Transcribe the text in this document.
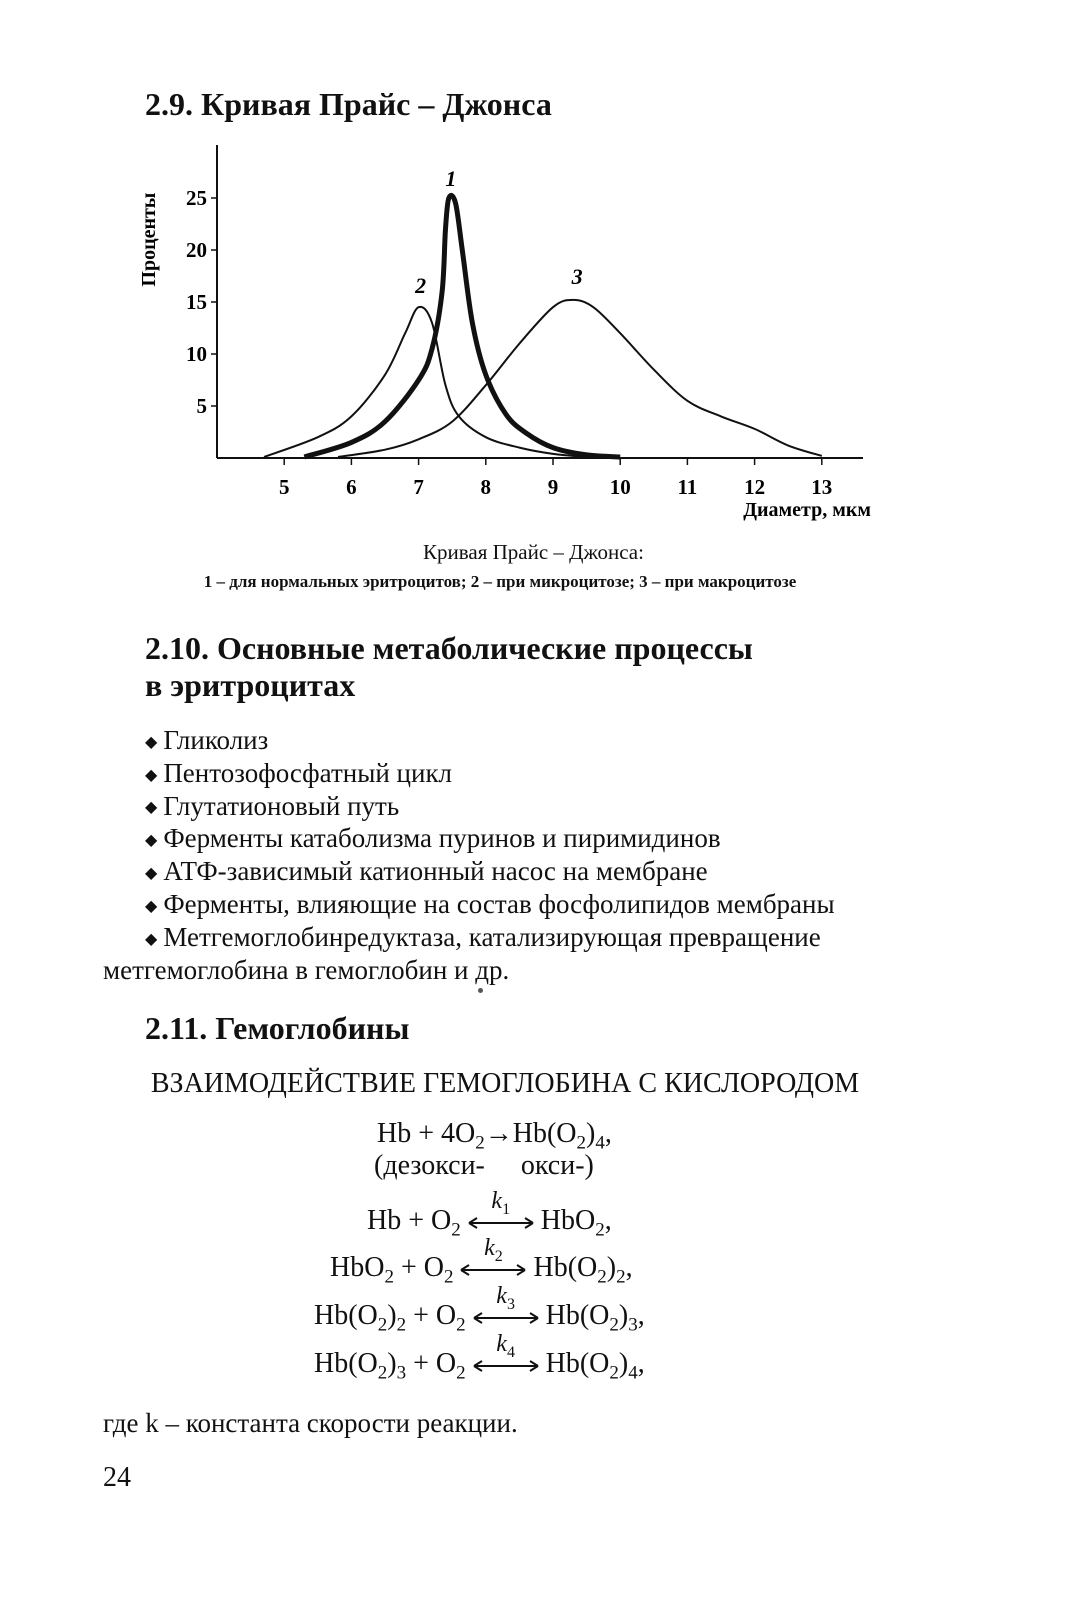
2.9. Кривая Прайс – Джонса
5	6	7	8	9 10 11 12 13
5
10
15
20
25
Проценты
Диаметр, мкм
1
2	3
Кривая Прайс – Джонса:
1 – для нормальных эритроцитов; 2 – при микроцитозе; 3 – при макроцитозе
2.10. Основные метаболические процессы
в эритроцитах
◆ Гликолиз
◆ Пентозофосфатный цикл
◆ Глутатионовый путь
◆ Ферменты катаболизма пуринов и пиримидинов
◆ АТФ-зависимый катионный насос на мембране
◆ Ферменты, влияющие на состав фосфолипидов мембраны
◆ Метгемоглобинредуктаза, катализирующая превращение
метгемоглобина в гемоглобин и др.
2.11. Гемоглобины
ВЗАИМОДЕЙСТВИЕ ГЕМОГЛОБИНА С КИСЛОРОДОМ
$Hb + 4O_2\to Hb(O_2)_4$,
(дезокси- окси-)
$Hb + O_2$
$k_1$	HbO$_2$,
$HbO_2 + O_2$
$k_2$	$Hb(O_2)_2$,
$Hb(O_2)_2 + O_2$
$k_3$	$Hb(O_2)_3$,
$Hb(O_2)_3 + O_2$
$k_4$	$Hb(O_2)_4$,
где k – константа скорости реакции.
24
